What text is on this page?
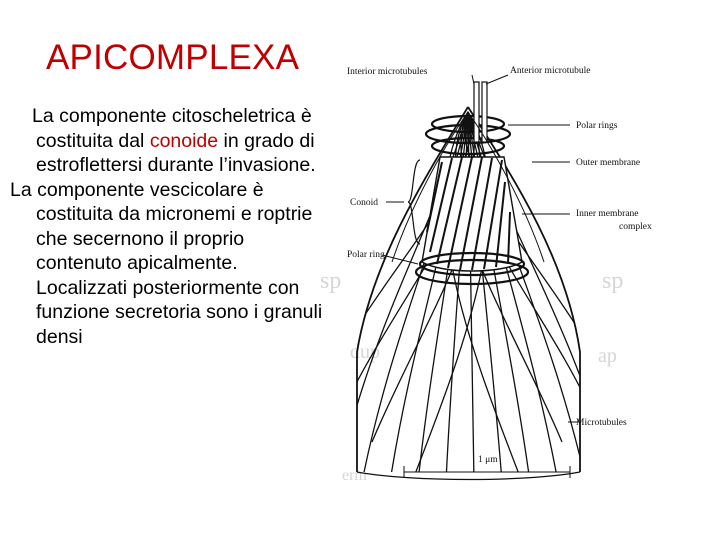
APICOMPLEXA

La componente citoscheletrica è costituita dal conoide in grado di estroflettersi durante l’invasione.

La componente vescicolare è costituita da micronemi e roptrie che secernono il proprio contenuto apicalmente. Localizzati posteriormente con funzione secretoria sono i granuli densi

sp	sp
dup	ap
erm
Interior microtubules	Anterior microtubule
Polar rings
Outer membrane
Conoid
Inner membrane
complex
Polar ring
Microtubules
1 μm
